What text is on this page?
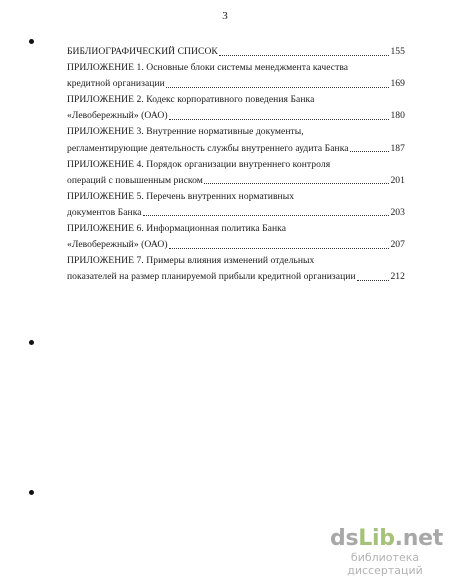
3
БИБЛИОГРАФИЧЕСКИЙ СПИСОК	155
ПРИЛОЖЕНИЕ 1. Основные блоки системы менеджмента качества
кредитной организации	169
ПРИЛОЖЕНИЕ 2. Кодекс корпоративного поведения Банка
«Левобережный» (ОАО)	180
ПРИЛОЖЕНИЕ 3. Внутренние нормативные документы,
регламентирующие деятельность службы внутреннего аудита Банка	187
ПРИЛОЖЕНИЕ 4. Порядок организации внутреннего контроля
операций с повышенным риском	201
ПРИЛОЖЕНИЕ 5. Перечень внутренних нормативных
документов Банка	203
ПРИЛОЖЕНИЕ 6. Информационная политика Банка
«Левобережный» (ОАО)	207
ПРИЛОЖЕНИЕ 7. Примеры влияния изменений отдельных
показателей на размер планируемой прибыли кредитной организации	212
dsLib.net
библиотека диссертаций
